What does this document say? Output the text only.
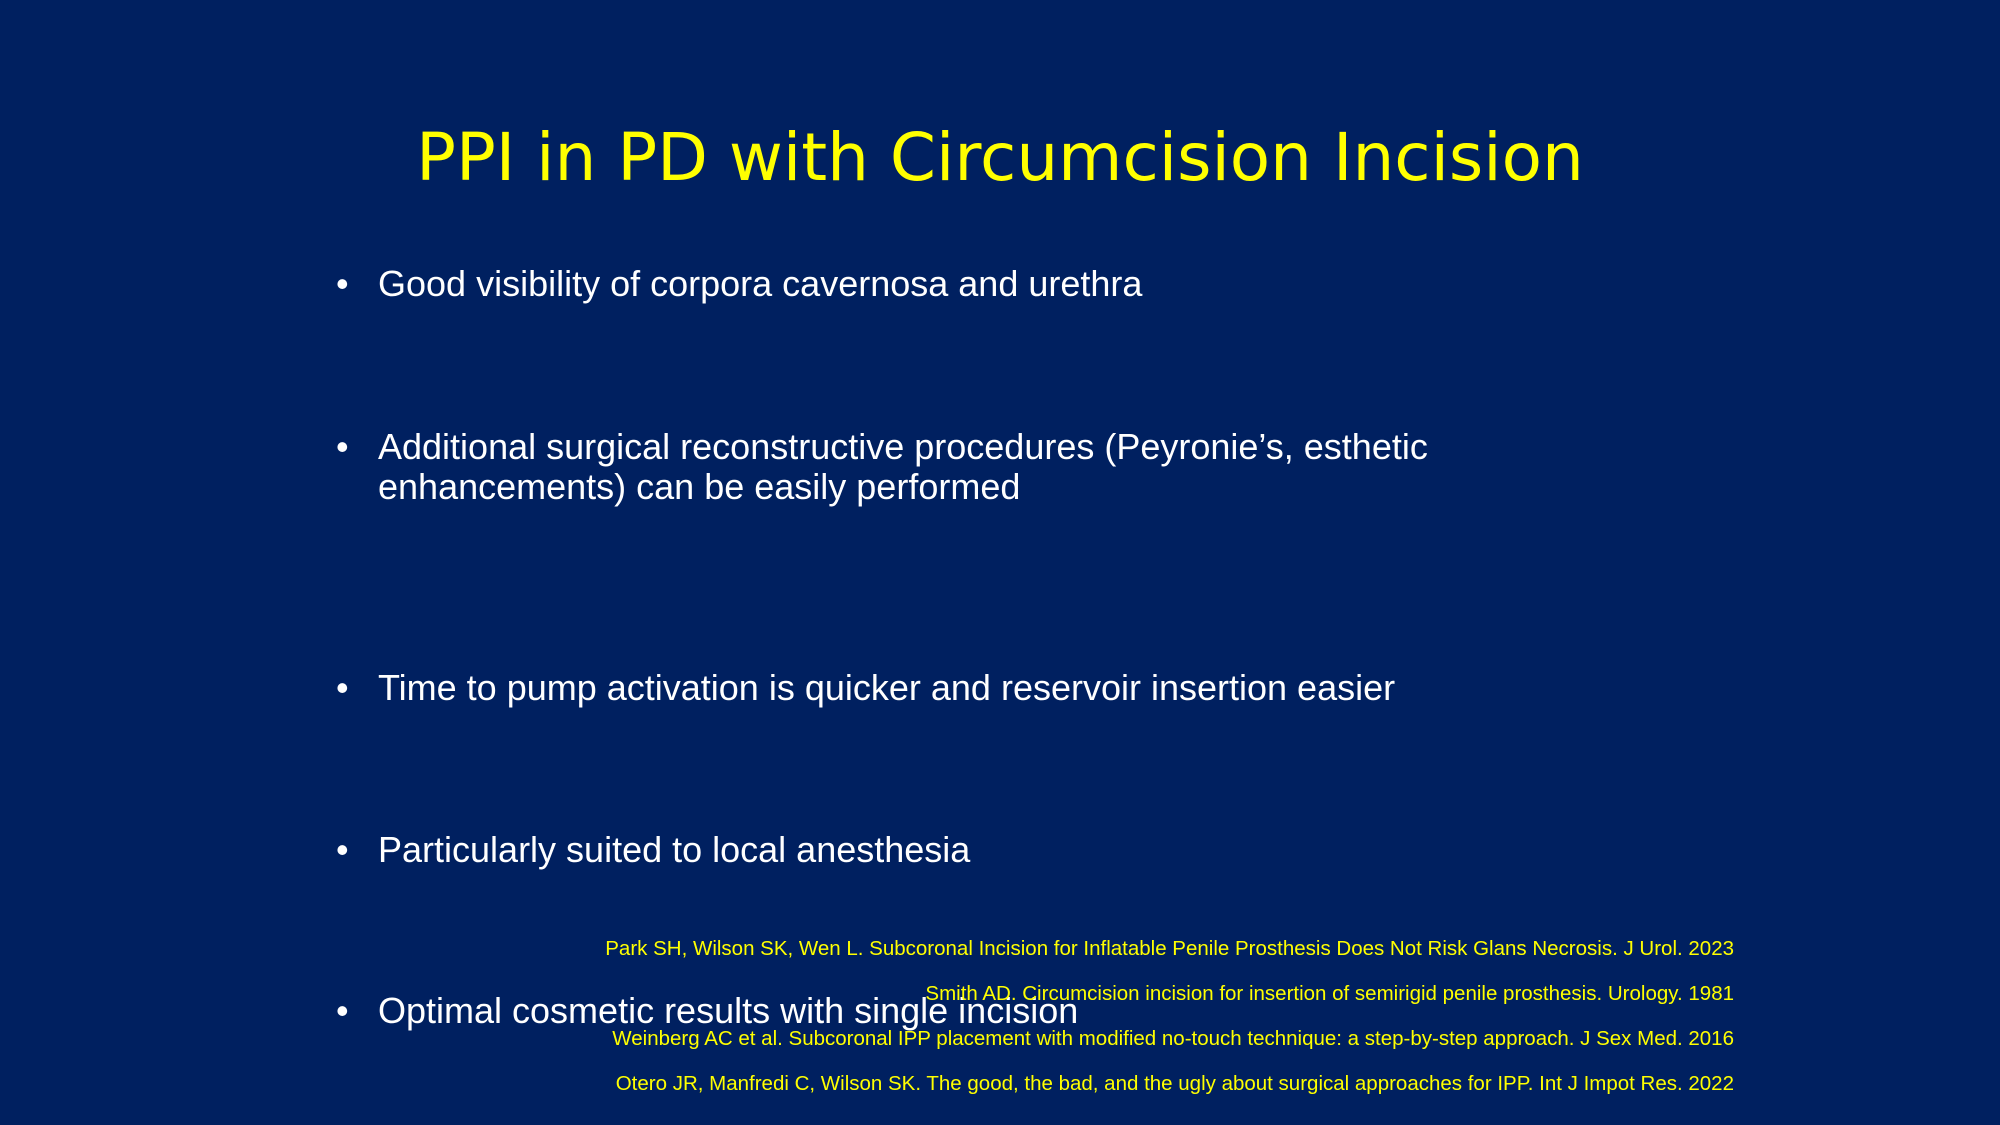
PPI in PD with Circumcision Incision
• Good visibility of corpora cavernosa and urethra
• Additional surgical reconstructive procedures (Peyronie’s, esthetic enhancements) can be easily performed
• Time to pump activation is quicker and reservoir insertion easier
• Particularly suited to local anesthesia
• Optimal cosmetic results with single incision
Park SH, Wilson SK, Wen L. Subcoronal Incision for Inflatable Penile Prosthesis Does Not Risk Glans Necrosis. J Urol. 2023
Smith AD. Circumcision incision for insertion of semirigid penile prosthesis. Urology. 1981
Weinberg AC et al. Subcoronal IPP placement with modified no-touch technique: a step-by-step approach. J Sex Med. 2016
Otero JR, Manfredi C, Wilson SK. The good, the bad, and the ugly about surgical approaches for IPP. Int J Impot Res. 2022
